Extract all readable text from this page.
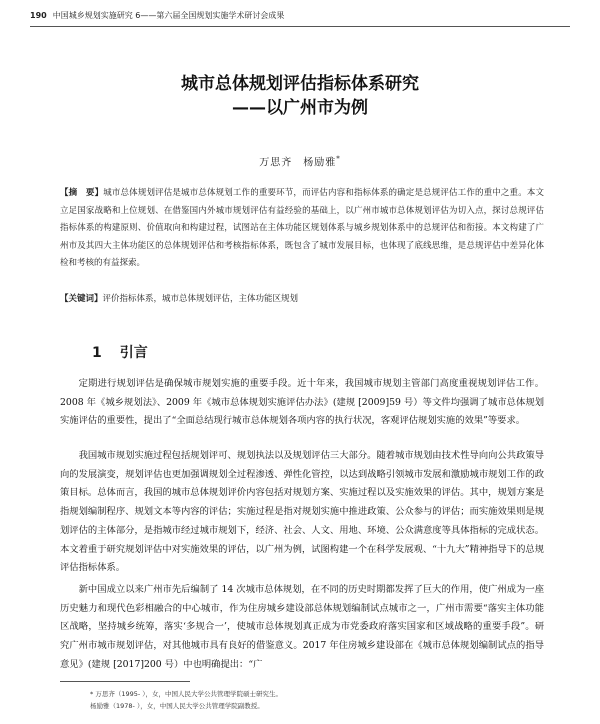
190 中国城乡规划实施研究 6——第六届全国规划实施学术研讨会成果
城市总体规划评估指标体系研究
——以广州市为例
万思齐　杨励雅*
【摘　要】城市总体规划评估是城市总体规划工作的重要环节，而评估内容和指标体系的确定是总规评估工作的重中之重。本文立足国家战略和上位规划、在借鉴国内外城市规划评估有益经验的基础上，以广州市城市总体规划评估为切入点，探讨总规评估指标体系的构建原则、价值取向和构建过程，试图站在主体功能区规划体系与城乡规划体系中的总规评估和衔接。本文构建了广州市及其四大主体功能区的总体规划评估和考核指标体系，既包含了城市发展目标，也体现了底线思维，是总规评估中差异化体检和考核的有益探索。
【关键词】评价指标体系，城市总体规划评估，主体功能区规划
1 引言
定期进行规划评估是确保城市规划实施的重要手段。近十年来，我国城市规划主管部门高度重视规划评估工作。2008 年《城乡规划法》、2009 年《城市总体规划实施评估办法》(建规 [2009]59 号）等文件均强调了城市总体规划实施评估的重要性，提出了“全面总结现行城市总体规划各项内容的执行状况，客观评估规划实施的效果”等要求。
我国城市规划实施过程包括规划评可、规划执法以及规划评估三大部分。随着城市规划由技术性导向向公共政策导向的发展演变，规划评估也更加强调规划全过程渗透、弹性化管控，以达到战略引领城市发展和激励城市规划工作的政策目标。总体而言，我国的城市总体规划评价内容包括对规划方案、实施过程以及实施效果的评估。其中，规划方案是指规划编制程序、规划文本等内容的评估；实施过程是指对规划实施中推进政策、公众参与的评估；而实施效果则是规划评估的主体部分，是指城市经过城市规划下，经济、社会、人文、用地、环境、公众满意度等具体指标的完成状态。本文着重于研究规划评估中对实施效果的评估，以广州为例，试图构建一个在科学发展观、“十九大”精神指导下的总规评估指标体系。
新中国成立以来广州市先后编制了 14 次城市总体规划，在不同的历史时期都发挥了巨大的作用，使广州成为一座历史魅力和现代色彩相融合的中心城市，作为住房城乡建设部总体规划编制试点城市之一，广州市需要“落实主体功能区战略，坚持城乡统筹，落实‘多规合一’，使城市总体规划真正成为市党委政府落实国家和区域战略的重要手段”。研究广州市城市规划评估，对其他城市具有良好的借鉴意义。2017 年住房城乡建设部在《城市总体规划编制试点的指导意见》(建规 [2017]200 号）中也明确提出：“广
* 万思齐（1995- ），女，中国人民大学公共管理学院硕士研究生。
杨励雅（1978- ），女，中国人民大学公共管理学院副教授。
